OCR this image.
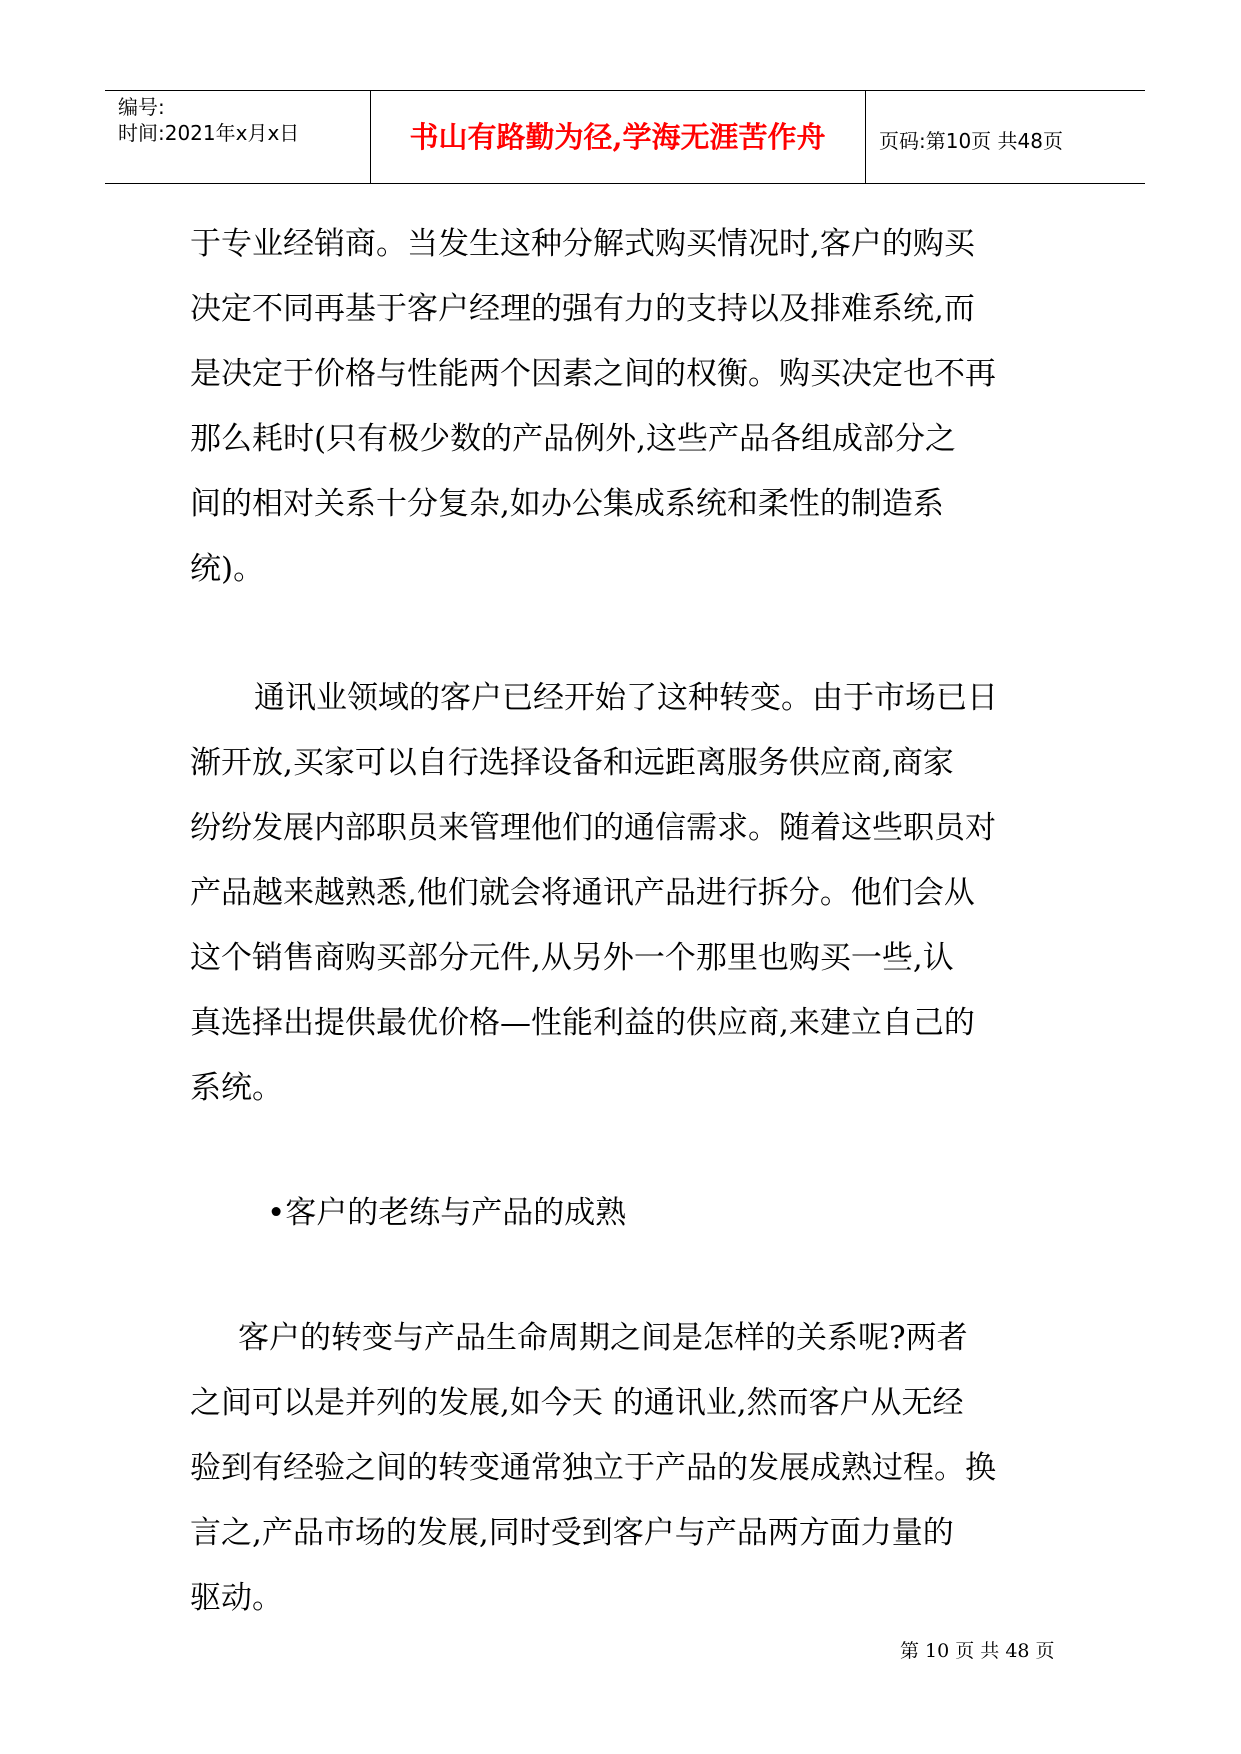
编号:
时间:2021年x月x日	书山有路勤为径,学海无涯苦作舟	页码:第10页 共48页

于专业经销商。当发生这种分解式购买情况时,客户的购买
决定不同再基于客户经理的强有力的支持以及排难系统,而
是决定于价格与性能两个因素之间的权衡。购买决定也不再
那么耗时(只有极少数的产品例外,这些产品各组成部分之
间的相对关系十分复杂,如办公集成系统和柔性的制造系
统)。

通讯业领域的客户已经开始了这种转变。由于市场已日
渐开放,买家可以自行选择设备和远距离服务供应商,商家
纷纷发展内部职员来管理他们的通信需求。随着这些职员对
产品越来越熟悉,他们就会将通讯产品进行拆分。他们会从
这个销售商购买部分元件,从另外一个那里也购买一些,认
真选择出提供最优价格—性能利益的供应商,来建立自己的
系统。

•客户的老练与产品的成熟

客户的转变与产品生命周期之间是怎样的关系呢?两者
之间可以是并列的发展,如今天 的通讯业,然而客户从无经
验到有经验之间的转变通常独立于产品的发展成熟过程。换
言之,产品市场的发展,同时受到客户与产品两方面力量的
驱动。

第 10 页 共 48 页
